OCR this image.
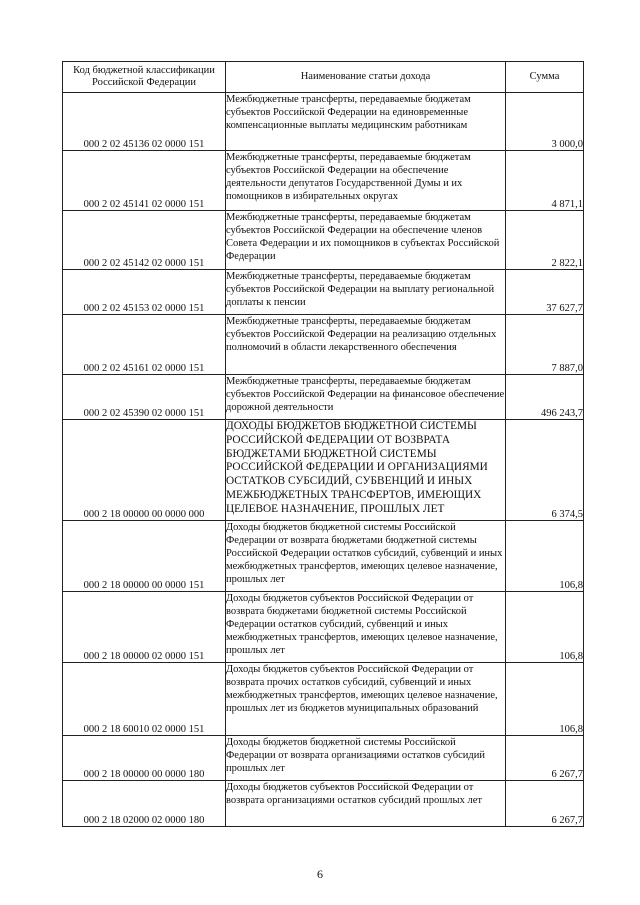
Код бюджетной классификации Российской Федерации	Наименование статьи дохода	Сумма
000 2 02 45136 02 0000 151	Межбюджетные трансферты, передаваемые бюджетам субъектов Российской Федерации на единовременные компенсационные выплаты медицинским работникам	3 000,0
000 2 02 45141 02 0000 151	Межбюджетные трансферты, передаваемые бюджетам субъектов Российской Федерации на обеспечение деятельности депутатов Государственной Думы и их помощников в избирательных округах	4 871,1
000 2 02 45142 02 0000 151	Межбюджетные трансферты, передаваемые бюджетам субъектов Российской Федерации на обеспечение членов Совета Федерации и их помощников в субъектах Российской Федерации	2 822,1
000 2 02 45153 02 0000 151	Межбюджетные трансферты, передаваемые бюджетам субъектов Российской Федерации на выплату региональной доплаты к пенсии	37 627,7
000 2 02 45161 02 0000 151	Межбюджетные трансферты, передаваемые бюджетам субъектов Российской Федерации на реализацию отдельных полномочий в области лекарственного обеспечения	7 887,0
000 2 02 45390 02 0000 151	Межбюджетные трансферты, передаваемые бюджетам субъектов Российской Федерации на финансовое обеспечение дорожной деятельности	496 243,7
000 2 18 00000 00 0000 000	ДОХОДЫ БЮДЖЕТОВ БЮДЖЕТНОЙ СИСТЕМЫ РОССИЙСКОЙ ФЕДЕРАЦИИ ОТ ВОЗВРАТА БЮДЖЕТАМИ БЮДЖЕТНОЙ СИСТЕМЫ РОССИЙСКОЙ ФЕДЕРАЦИИ И ОРГАНИЗАЦИЯМИ ОСТАТКОВ СУБСИДИЙ, СУБВЕНЦИЙ И ИНЫХ МЕЖБЮДЖЕТНЫХ ТРАНСФЕРТОВ, ИМЕЮЩИХ ЦЕЛЕВОЕ НАЗНАЧЕНИЕ, ПРОШЛЫХ ЛЕТ	6 374,5
000 2 18 00000 00 0000 151	Доходы бюджетов бюджетной системы Российской Федерации от возврата бюджетами бюджетной системы Российской Федерации остатков субсидий, субвенций и иных межбюджетных трансфертов, имеющих целевое назначение, прошлых лет	106,8
000 2 18 00000 02 0000 151	Доходы бюджетов субъектов Российской Федерации от возврата бюджетами бюджетной системы Российской Федерации остатков субсидий, субвенций и иных межбюджетных трансфертов, имеющих целевое назначение, прошлых лет	106,8
000 2 18 60010 02 0000 151	Доходы бюджетов субъектов Российской Федерации от возврата прочих остатков субсидий, субвенций и иных межбюджетных трансфертов, имеющих целевое назначение, прошлых лет из бюджетов муниципальных образований	106,8
000 2 18 00000 00 0000 180	Доходы бюджетов бюджетной системы Российской Федерации от возврата организациями остатков субсидий прошлых лет	6 267,7
000 2 18 02000 02 0000 180	Доходы бюджетов субъектов Российской Федерации от возврата организациями остатков субсидий прошлых лет	6 267,7
6
